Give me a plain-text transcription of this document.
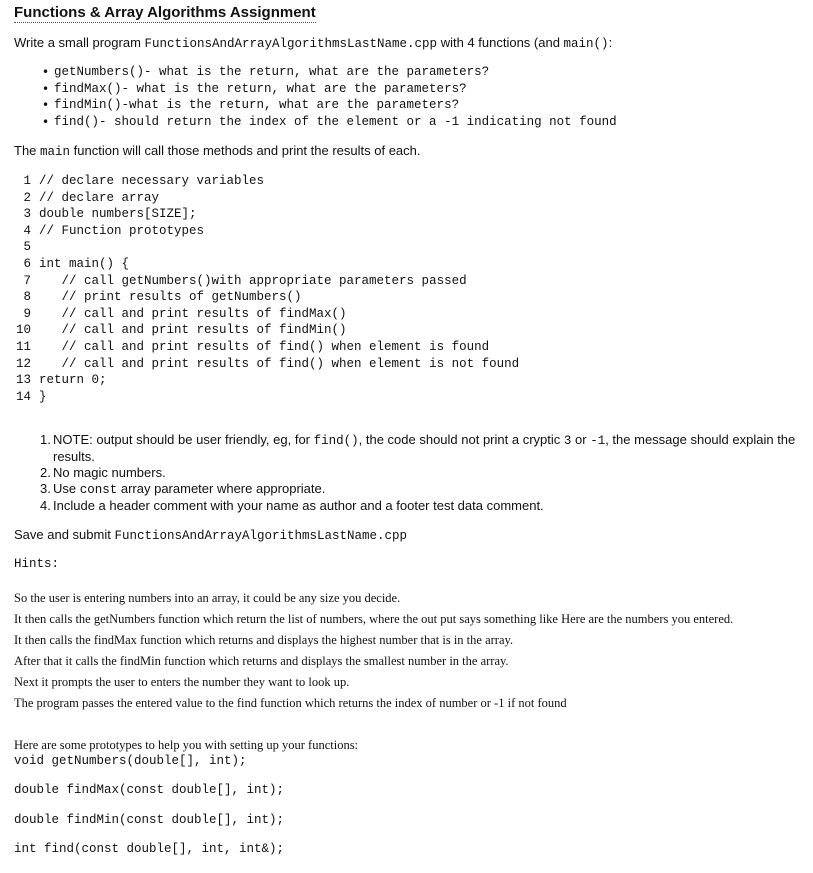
Functions & Array Algorithms Assignment
Write a small program FunctionsAndArrayAlgorithmsLastName.cpp with 4 functions (and main():
• getNumbers()- what is the return, what are the parameters?
• findMax()- what is the return, what are the parameters?
• findMin()-what is the return, what are the parameters?
• find()- should return the index of the element or a -1 indicating not found
The main function will call those methods and print the results of each.
1 // declare necessary variables
2 // declare array
3 double numbers[SIZE];
4 // Function prototypes
5
6 int main() {
7   // call getNumbers()with appropriate parameters passed
8   // print results of getNumbers()
9   // call and print results of findMax()
10   // call and print results of findMin()
11   // call and print results of find() when element is found
12   // call and print results of find() when element is not found
13 return 0;
14 }
1. NOTE: output should be user friendly, eg, for find(), the code should not print a cryptic 3 or -1, the message should explain the results.
2. No magic numbers.
3. Use const array parameter where appropriate.
4. Include a header comment with your name as author and a footer test data comment.
Save and submit FunctionsAndArrayAlgorithmsLastName.cpp
Hints:
So the user is entering numbers into an array, it could be any size you decide.
It then calls the getNumbers function which return the list of numbers, where the out put says something like Here are the numbers you entered.
It then calls the findMax function which returns and displays the highest number that is in the array.
After that it calls the findMin function which returns and displays the smallest number in the array.
Next it prompts the user to enters the number they want to look up.
The program passes the entered value to the find function which returns the index of number or -1 if not found
Here are some prototypes to help you with setting up your functions:
void getNumbers(double[], int);
double findMax(const double[], int);
double findMin(const double[], int);
int find(const double[], int, int&);
